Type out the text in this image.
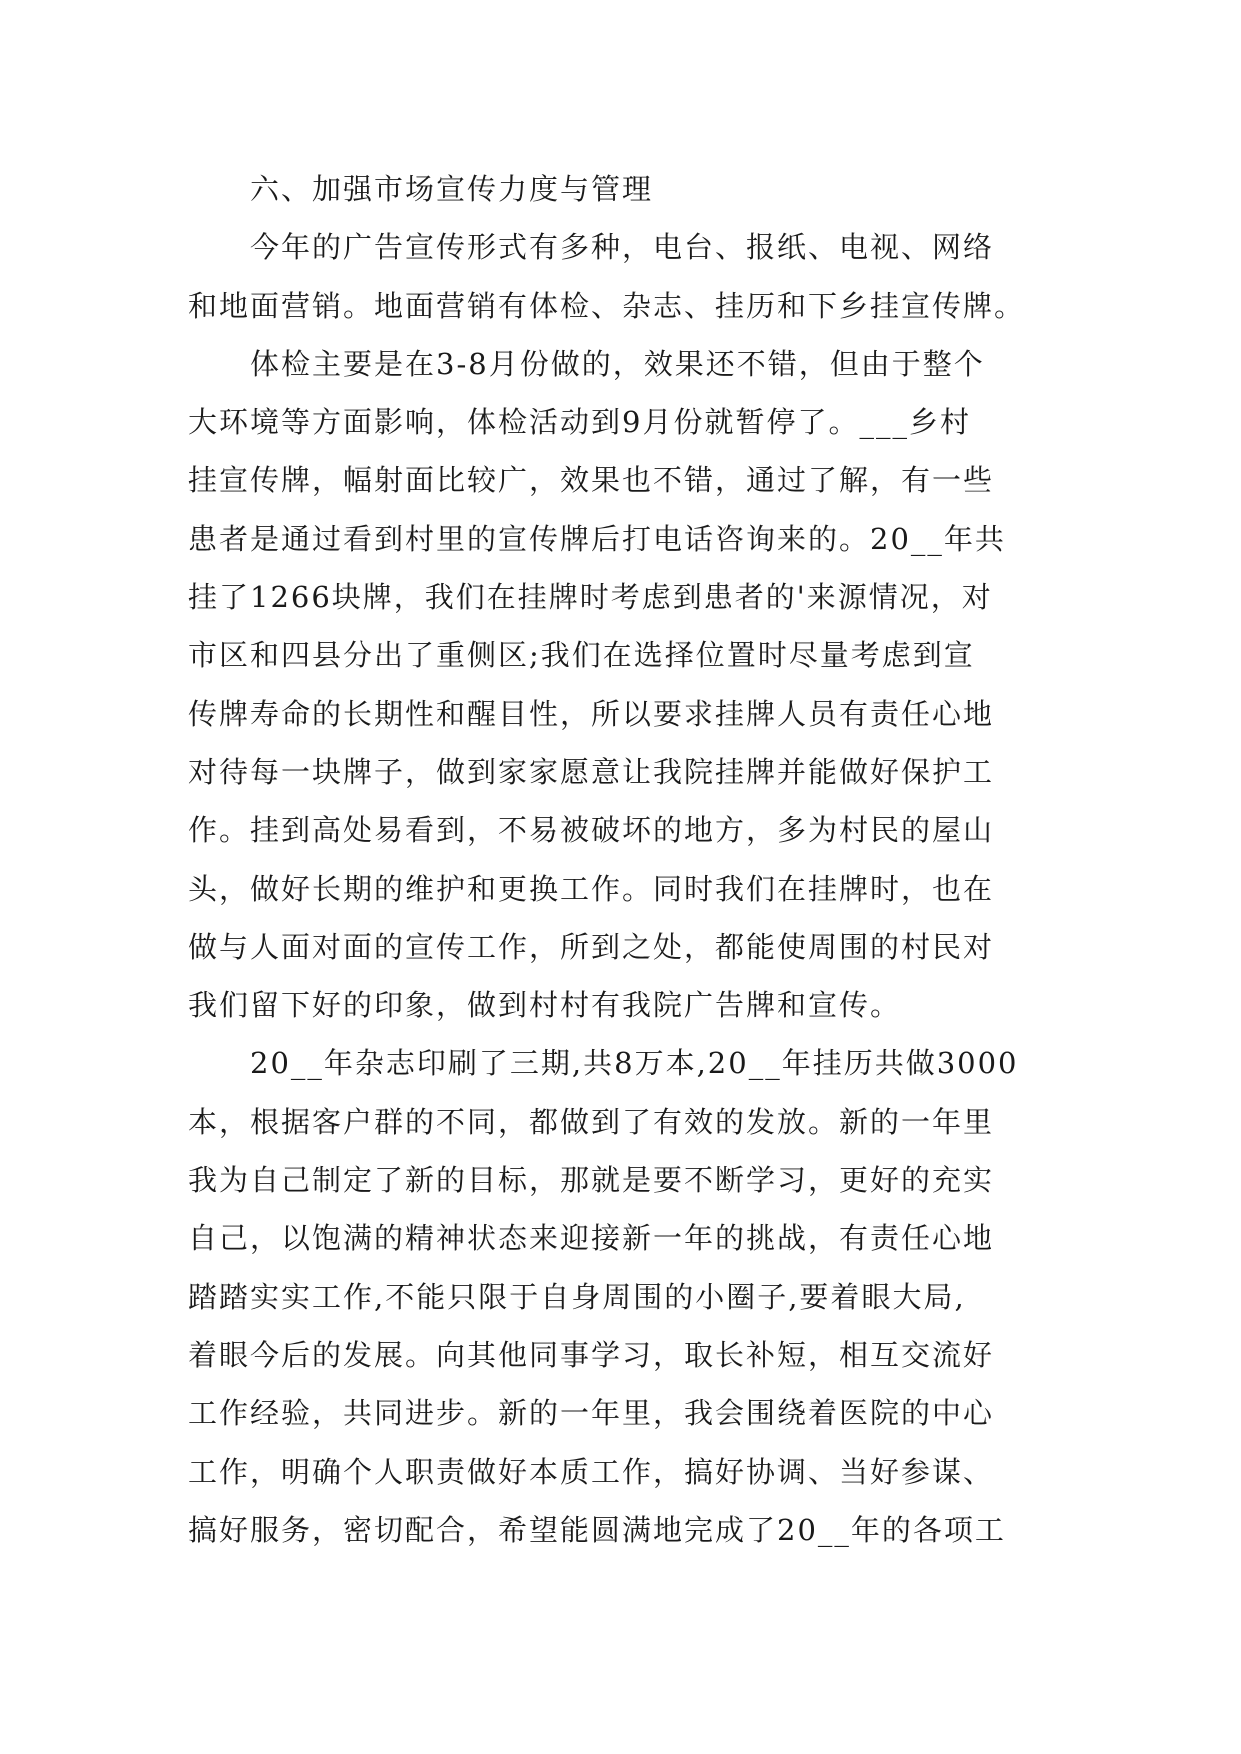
六、加强市场宣传力度与管理
今年的广告宣传形式有多种，电台、报纸、电视、网络
和地面营销。地面营销有体检、杂志、挂历和下乡挂宣传牌。
体检主要是在3-8月份做的，效果还不错，但由于整个
大环境等方面影响，体检活动到9月份就暂停了。___乡村
挂宣传牌，幅射面比较广，效果也不错，通过了解，有一些
患者是通过看到村里的宣传牌后打电话咨询来的。20__年共
挂了1266块牌，我们在挂牌时考虑到患者的'来源情况，对
市区和四县分出了重侧区;我们在选择位置时尽量考虑到宣
传牌寿命的长期性和醒目性，所以要求挂牌人员有责任心地
对待每一块牌子，做到家家愿意让我院挂牌并能做好保护工
作。挂到高处易看到，不易被破坏的地方，多为村民的屋山
头，做好长期的维护和更换工作。同时我们在挂牌时，也在
做与人面对面的宣传工作，所到之处，都能使周围的村民对
我们留下好的印象，做到村村有我院广告牌和宣传。
20__年杂志印刷了三期,共8万本,20__年挂历共做3000
本，根据客户群的不同，都做到了有效的发放。新的一年里
我为自己制定了新的目标，那就是要不断学习，更好的充实
自己，以饱满的精神状态来迎接新一年的挑战，有责任心地
踏踏实实工作,不能只限于自身周围的小圈子,要着眼大局,
着眼今后的发展。向其他同事学习，取长补短，相互交流好
工作经验，共同进步。新的一年里，我会围绕着医院的中心
工作，明确个人职责做好本质工作，搞好协调、当好参谋、
搞好服务，密切配合，希望能圆满地完成了20__年的各项工
